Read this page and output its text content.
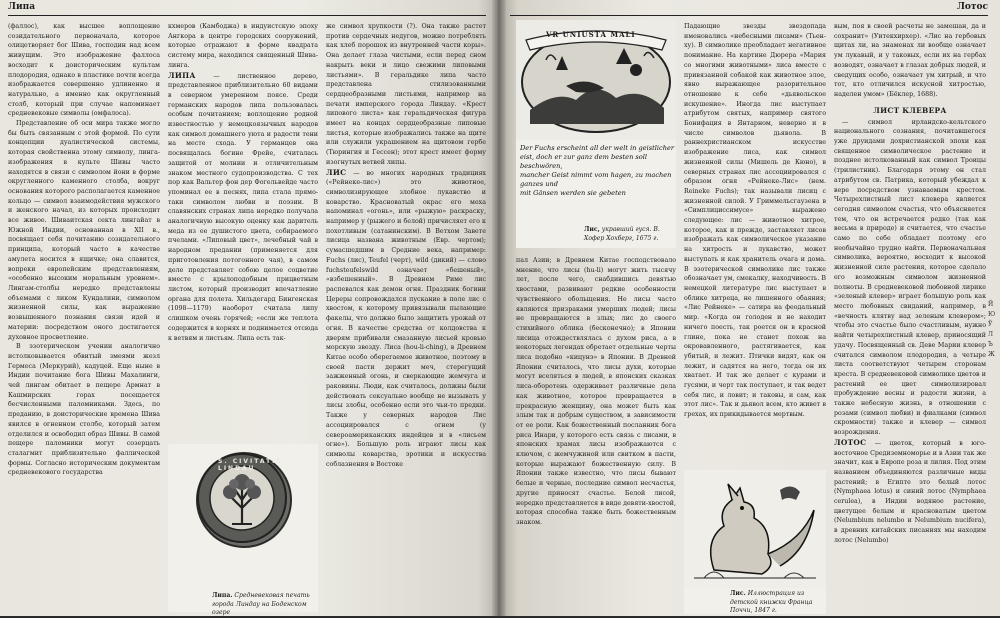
Липа

(фаллос), как высшее воплощение созидательного первоначала, которое олицетворяет бог Шива, господин над всем живущим. Это изображение фаллоса восходит к доисторическим культам плодородия, однако в пластике почти всегда изображается совершенно удлиненно и натурально, а именно как округленный столб, который при случае напоминает средневековые символы (омфалоса).

Представление об оси мира также могло бы быть связанным с этой формой. По сути концепции дуалистической системы, которая свойственна этому символу, линга-изображения в культе Шивы часто находятся в связи с символом йони в форме округленного каменного столба, вокруг основания которого располагается каменное кольцо — символ взаимодействия мужского и женского начал, из которых происходит все живое. Шиваитская секта лингайат в Южной Индии, основанная в XII в., посвящает себя почитанию созидательного принципа, который часто в качестве амулета носится в ящичке; она славится, вопреки европейским представлениям, «особенно высоким моральным уровнем». Лингам-столбы нередко представлены объемами с ликом Кундалини, символом жизненной силы, как выражение возвышенного познания связи идей и материи: посредством оного достигается духовное просветление.

В эзотерическом учении аналогично истолковывается обвитый змеями жезл Гермеса (Меркурий), кадуцей. Еще ныне в Индии почитание бога Шивы Махалинги, чей лингам обитает в пещере Армнат в Кашмирских горах посещается бесчисленными паломниками. Здесь, по преданию, в доисторические времена Шива явился в огненном столбе, который затем отделился и освободил образ Шивы. В самой пещере паломники могут созерцать сталагмит приблизительно фаллической формы. Согласно историческим документам средневекового государства

кхмеров (Камбоджа) в индуистскую эпоху Ангкора в центре городских сооружений, которые отражают в форме квадрата систему мира, находился священный Шива-линга.

ЛИПА	— лиственное дерево, представленное приблизительно 60 видами в северном умеренном поясе. Среди германских народов липа пользовалась особым почитанием; воплощение родной известностью у немецкоязычных народов как символ домашнего уюта и радости тени на месте схода. У германцев она посвящалась богине Фрейе, считалась защитой от молнии и отличительным знаком местного судопроизводства. С тех пор как Вальтер фон дер Фогельвейде часто упоминал ее в песнях, липа стала прямо-таки символом любви и поэзии. В славянских странах липа нередко получала аналогичную высокую оценку как даритель меда из ее душистого цвета, собираемого пчелами. «Липовый цвет», лечебный чай в народном предании (применяется для приготовления потогонного чая), в самом деле представляет собою целое соцветие вместе с крылоподобным прицветным листом, который производит впечатление органа для полета. Хильдегард Бингенская (1098—1179) наоборот считала липу слишком очень горячей; «если же теплота содержится в корнях и поднимается отсюда к ветвям и листьям. Липа есть так-
S. CIVITATIS LINDAU
Липа. Средневековая печать города Линдау на Боденском озере

же символ хрупкости (?). Она также растет против сердечных недугов, можно потреблять как хлеб порошок из внутренней части коры». Она делает глаза чистыми, если перед сном накрыть веки и лицо свежими липовыми листьями». В геральдике липа часто представлена стилизованными сердцеобразными листьями, например на печати имперского города Линдау. «Крест липового листа» как геральдическая фигура имеет на концах сердцеобразные липовые листья, которые изображались также на щите или служили украшением на щитовом гербе (Тюрингия и Гессен); этот крест имеет форму изогнутых ветвей липы.

ЛИС — во многих народных традициях («Рейнеке-лис») это животное, символизирующее злобное лукавство и коварство. Красноватый окрас его меха напоминал «огонь», или «рыжую» раскраску, например у (рыжего и белой) причисляет его к похотливым (сатанинским). В Ветхом Завете лисица названа животным (Евр. чертом); сумасшедшим в Средние века, например: Fuchs (лис), Teufel (черт), wild (дикий) — слово fuchsteufelswild означает «бешеный», «взбешенный». В Древнем Риме лис распевался как демон огня. Праздник богини Цереры сопровождался пускание в поле лис с хвостом, к которому привязывали пылающие факелы, что должно было защитить урожай от огня. В качестве средства от колдовства к дверям прибивали смазанную лисьей кровью морскую звезду. Лиса (hou-li-ching), в Древнем Китае особо оберегаемое животное, поэтому в своей пасти держит меч, стерегущий зажженный огонь, и сверкающие жемчуга и раковины. Люди, как считалось, должны были действовать сексуально вообще не вызывать у лисы злобы, особенно если это чьи-то предки. Также у северных народов Лис ассоциировался с огнем (у североамериканских индейцев и в «лисьем огне»). Большую роль играют лисы как символы коварства, эротики и искусства соблазнения в Востоке
Лотос
VR UNIUSTA MALI
Der Fuchs erscheint all der welt in geistlicher
eist, doch er zur ganz dem besten soll beschwören,
mancher Geist nimmt vom hagen, zu machen ganzes und
mit Gänsen werden sie gebeten
Лис, укравший гуся. В. Хофер Хохберг, 1675 г.

пал Азии; в Древнем Китае господствовало мнение, что лисы (hu-li) могут жить тысячу лет, после чего, снабдившись девятью хвостами, развивают редкие особенности чувственного обольщения. Не лисы часто являются призраками умерших людей; лисы не превращаются в злых; лис до своего стихийного облика (бесконечно); в Японии лисица отождествлялась с духом риса, а в некоторых легендах обретает отдельные черты лиса подобно «кицунэ» в Японии. В Древней Японии считалось, что лисы духи, которые могут вселяться в людей, в японских сказках лиса-оборотень одерживает различные дела как животное, которое превращается в прекрасную женщину, она может быть как злым так и добрым существом, в зависимости от ее роли. Как божественный посланник бога риса Инари, у которого есть связь с лисами, в японских храмах лисы изображаются с ключом, с жемчужиной или свитком в пасти, которые выражают божественную силу. В Японии также известно, что лисы бывают белые и черные, последние символ несчастья, другие приносят счастье. Белой лисой, нередко представляется в виде девяти-хвостой, которая способна также быть божественным знаком.

Падающие звезды звездопада именовались «небесными лисами» (Тьен-ху). В символике преобладает негативное понимание. На картине Дюрера «Мария со многими животными» лиса вместе с привязанной собакой как животное злое, явно выражающее разорительное отношение к себе «дьявольское искушение». Иногда лис выступает атрибутом святых, например святого Бонифация в Янтарном, неверно и в числе символов дьявола. В раннехристианском искусстве изображение лиса, как символ жизненной силы (Мишель де Кюно), в северных странах лис ассоциировался с образом огня «Рейнеке-Лис» (нем. Reineke Fuchs); так называли лисиц с жизненной силой. У Гриммельсгаузена в «Симплициссимусе» выражено следующее: лис — животное хитрое, которое, как и прежде, заставляет лисов изображать как символическое указание на хитрость и лукавство, может выступать и как хранитель очага и дома. В эзотерической символике лис также обозначает ум, смекалку, находчивость. В немецкой литературе лис выступает в облике хитреца, не лишенного обаяния; «Лис Рейнеке» — сатира на феодальный мир. «Когда он голоден и не находит ничего поесть, так роется он в красной глине, пока не станет похож на окровавленного, растягивается, как убитый, и лежит. Птички видят, как он лежит, и садятся на него, тогда он их хватает. И так же делает с курами и гусями, и черт так поступает, и так ведет себя лис, и ловит; и таковы, и сам, как этот лис». Так и дьявол всем, кто живет в грехах, их прикидывается мертвым.

Лис. Иллюстрация из детской книжки Франца Поччи, 1847 г.

вым, поя в своей расчеты не замешан, да и сохранит» (Уитекхирхер). «Лис на гербовых щитах ли, на знаменах ли вообще означает ум лукавый, и у таковых, если их на гербах возводят, означает в глазах добрых людей, и сведущих особо, означает ум хитрый, и что тот, кто отличился искусной хитростью, наделен умом» (Бёклер, 1688).

ЛИСТ КЛЕВЕРА

— символ ирландско-кельтского национального сознания, почитавшегося уже друидами дохристианской эпохи как священное символическое растение и позднее истолкованный как символ Троицы (трилистник). Благодаря этому он стал атрибутом св. Патрика, который убеждал к вере посредством узнаваемым крестом. Четырехлистный лист клевера является сегодня символом счастья, что объясняется тем, что он встречается редко (так как весьма в природе) и считается, что счастье само по себе обладает поэтому его необычайно трудно найти. Первоначальная символика, вероятно, восходит к высокой жизненной силе растения, которое сделало его возможным символом жизненной полноты. В средневековой любовной лирике «зеленый клевер» играет большую роль как место любовных свиданий, например, в «вечность клятву над зеленым клевером»; чтобы это счастье было счастливым, нужно найти четырехлистный клевер, приносящий удачу. Посвященный св. Деве Марии клевер считался символом плодородия, а четыре листа соответствуют четырем сторонам креста. В средневековой символике цветов и растений ее цвет символизировал пробуждение весны и радости жизни, а также небесную жизнь, в отношении с розами (символ любви) и фиалками (символ скромности) также и клевер — символ возрождения.

ЛОТОС — цветок, который в юго-восточное Средиземноморье и в Азии так же значит, как в Европе роза и лилия. Под этим названием объединяются различные виды растений; в Египте это белый лотос (Nymphaea lotus) и синий лотос (Nymphaea cerulea), в Индии водяное растение, цветущее белым и красноватым цветом (Nelumbium nelumbo и Nelumbium nucifera), в древних китайских писаниях мы находим лотос (Nelumbo)
Й Ю Ў Л Ъ Ж
